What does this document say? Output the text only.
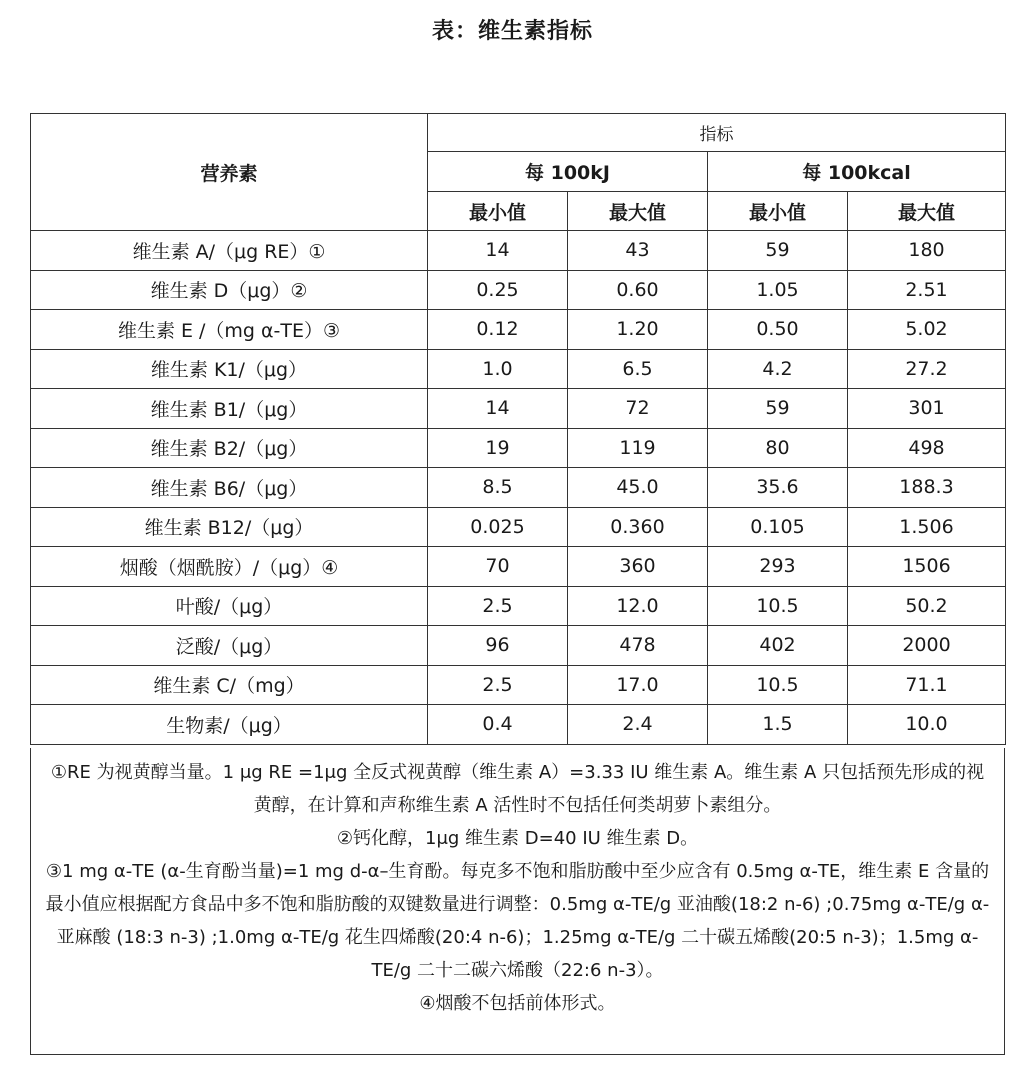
表：维生素指标
营养素	指标			
	每 100kJ		每 100kcal	
	最小值	最大值	最小值	最大值
维生素 A/（μg RE）①	14	43	59	180
维生素 D（μg）②	0.25	0.60	1.05	2.51
维生素 E /（mg α-TE）③	0.12	1.20	0.50	5.02
维生素 K1/（μg）	1.0	6.5	4.2	27.2
维生素 B1/（μg）	14	72	59	301
维生素 B2/（μg）	19	119	80	498
维生素 B6/（μg）	8.5	45.0	35.6	188.3
维生素 B12/（μg）	0.025	0.360	0.105	1.506
烟酸（烟酰胺）/（μg）④	70	360	293	1506
叶酸/（μg）	2.5	12.0	10.5	50.2
泛酸/（μg）	96	478	402	2000
维生素 C/（mg）	2.5	17.0	10.5	71.1
生物素/（μg）	0.4	2.4	1.5	10.0

①RE 为视黄醇当量。1 μg RE =1μg 全反式视黄醇（维生素 A）=3.33 IU 维生素 A。维生素 A 只包括预先形成的视黄醇，在计算和声称维生素 A 活性时不包括任何类胡萝卜素组分。

②钙化醇，1μg 维生素 D=40 IU 维生素 D。

③1 mg α-TE (α-生育酚当量)=1 mg d-α–生育酚。每克多不饱和脂肪酸中至少应含有 0.5mg α-TE，维生素 E 含量的最小值应根据配方食品中多不饱和脂肪酸的双键数量进行调整：0.5mg α-TE/g 亚油酸(18:2 n-6) ;0.75mg α-TE/g α-亚麻酸 (18:3 n-3) ;1.0mg α-TE/g 花生四烯酸(20:4 n-6)；1.25mg α-TE/g 二十碳五烯酸(20:5 n-3)；1.5mg α-TE/g 二十二碳六烯酸（22:6 n-3）。

④烟酸不包括前体形式。
